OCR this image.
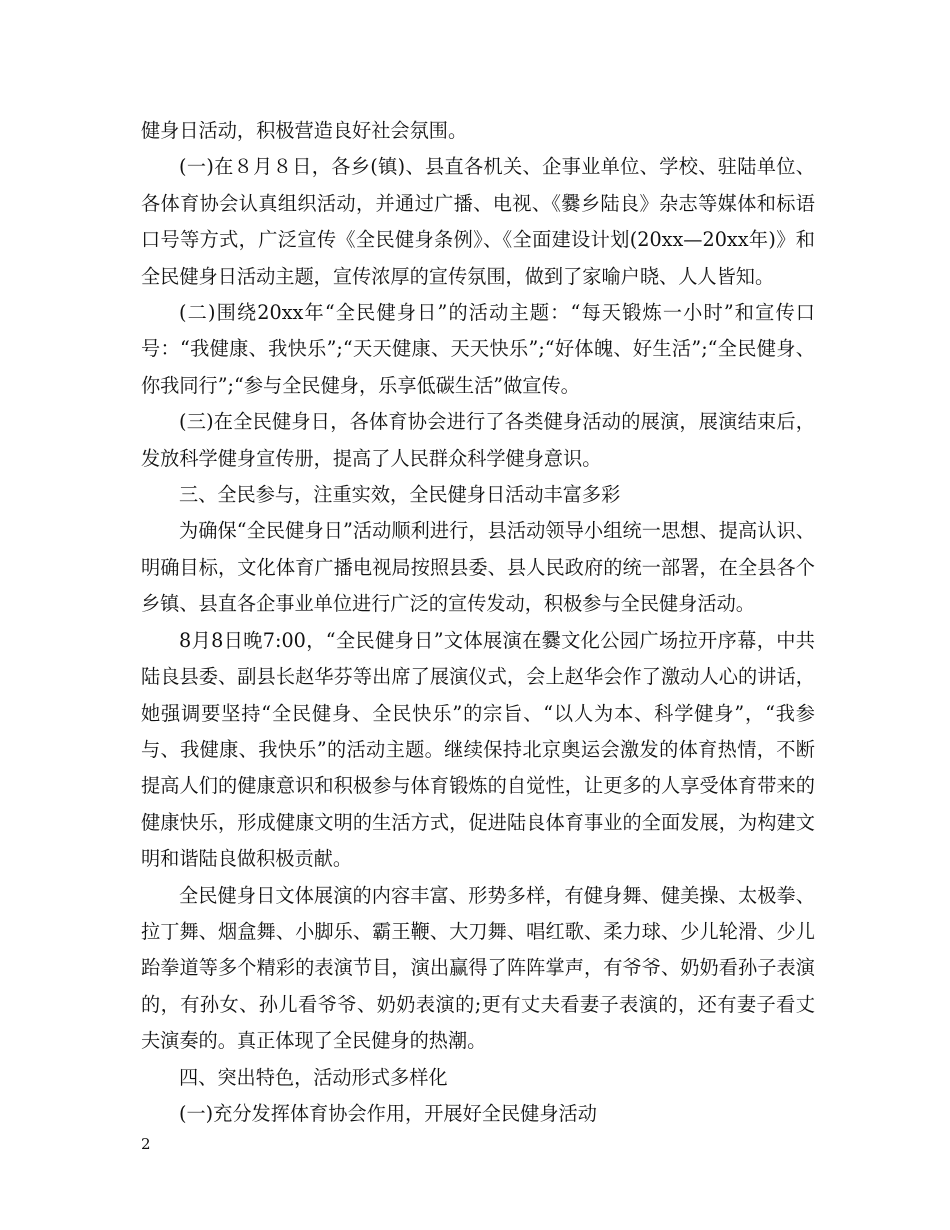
健身日活动，积极营造良好社会氛围。

(一)在８月８日，各乡(镇)、县直各机关、企事业单位、学校、驻陆单位、各体育协会认真组织活动，并通过广播、电视、《爨乡陆良》杂志等媒体和标语口号等方式，广泛宣传《全民健身条例》、《全面建设计划(20xx—20xx年)》和全民健身日活动主题，宣传浓厚的宣传氛围，做到了家喻户晓、人人皆知。

(二)围绕20xx年“全民健身日”的活动主题：“每天锻炼一小时”和宣传口号：“我健康、我快乐”;“天天健康、天天快乐”;“好体魄、好生活”;“全民健身、你我同行”;“参与全民健身，乐享低碳生活”做宣传。

(三)在全民健身日，各体育协会进行了各类健身活动的展演，展演结束后，发放科学健身宣传册，提高了人民群众科学健身意识。

三、全民参与，注重实效，全民健身日活动丰富多彩

为确保“全民健身日”活动顺利进行，县活动领导小组统一思想、提高认识、明确目标，文化体育广播电视局按照县委、县人民政府的统一部署，在全县各个乡镇、县直各企事业单位进行广泛的宣传发动，积极参与全民健身活动。

8月8日晚7:00，“全民健身日”文体展演在爨文化公园广场拉开序幕，中共陆良县委、副县长赵华芬等出席了展演仪式，会上赵华会作了激动人心的讲话，她强调要坚持“全民健身、全民快乐”的宗旨、“以人为本、科学健身”，“我参与、我健康、我快乐”的活动主题。继续保持北京奥运会激发的体育热情，不断提高人们的健康意识和积极参与体育锻炼的自觉性，让更多的人享受体育带来的健康快乐，形成健康文明的生活方式，促进陆良体育事业的全面发展，为构建文明和谐陆良做积极贡献。

全民健身日文体展演的内容丰富、形势多样，有健身舞、健美操、太极拳、拉丁舞、烟盒舞、小脚乐、霸王鞭、大刀舞、唱红歌、柔力球、少儿轮滑、少儿跆拳道等多个精彩的表演节目，演出赢得了阵阵掌声，有爷爷、奶奶看孙子表演的，有孙女、孙儿看爷爷、奶奶表演的;更有丈夫看妻子表演的，还有妻子看丈夫演奏的。真正体现了全民健身的热潮。

四、突出特色，活动形式多样化

(一)充分发挥体育协会作用，开展好全民健身活动

2
